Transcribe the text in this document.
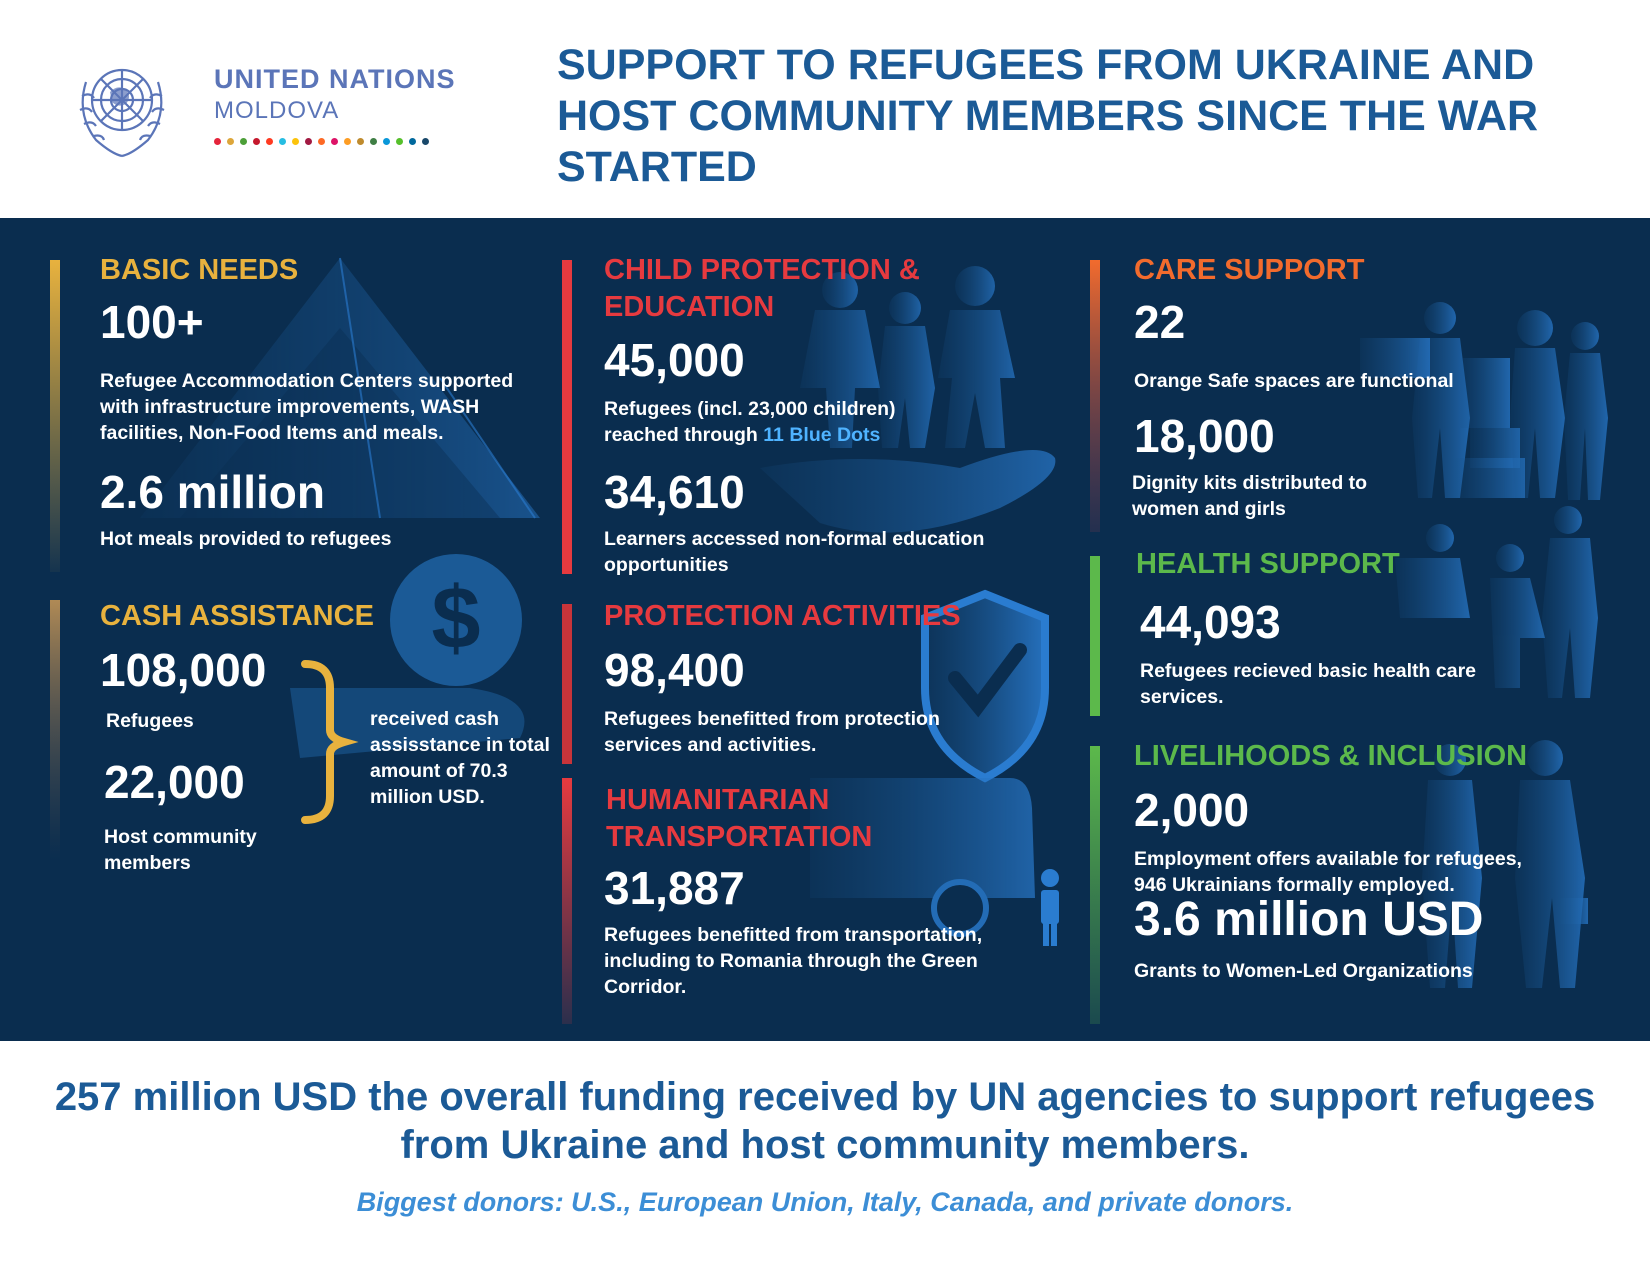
UNITED NATIONS
MOLDOVA
SUPPORT TO REFUGEES FROM UKRAINE AND HOST COMMUNITY MEMBERS SINCE THE WAR STARTED
$
BASIC NEEDS
100+
Refugee Accommodation Centers supported with infrastructure improvements, WASH facilities, Non-Food Items and meals.
2.6 million
Hot meals provided to refugees
CASH ASSISTANCE
108,000
Refugees
22,000
Host community members
received cash assisstance in total amount of 70.3 million USD.
CHILD PROTECTION & EDUCATION
45,000
Refugees (incl. 23,000 children) reached through 11 Blue Dots
34,610
Learners accessed non-formal education opportunities
PROTECTION ACTIVITIES
98,400
Refugees benefitted from protection services and activities.
HUMANITARIAN TRANSPORTATION
31,887
Refugees benefitted from transportation, including to Romania through the Green Corridor.
CARE SUPPORT
22
Orange Safe spaces are functional
18,000
Dignity kits distributed to women and girls
HEALTH SUPPORT
44,093
Refugees recieved basic health care services.
LIVELIHOODS & INCLUSION
2,000
Employment offers available for refugees, 946 Ukrainians formally employed.
3.6 million USD
Grants to Women-Led Organizations
257 million USD the overall funding received by UN agencies to support refugees from Ukraine and host community members.
Biggest donors: U.S., European Union, Italy, Canada, and private donors.
